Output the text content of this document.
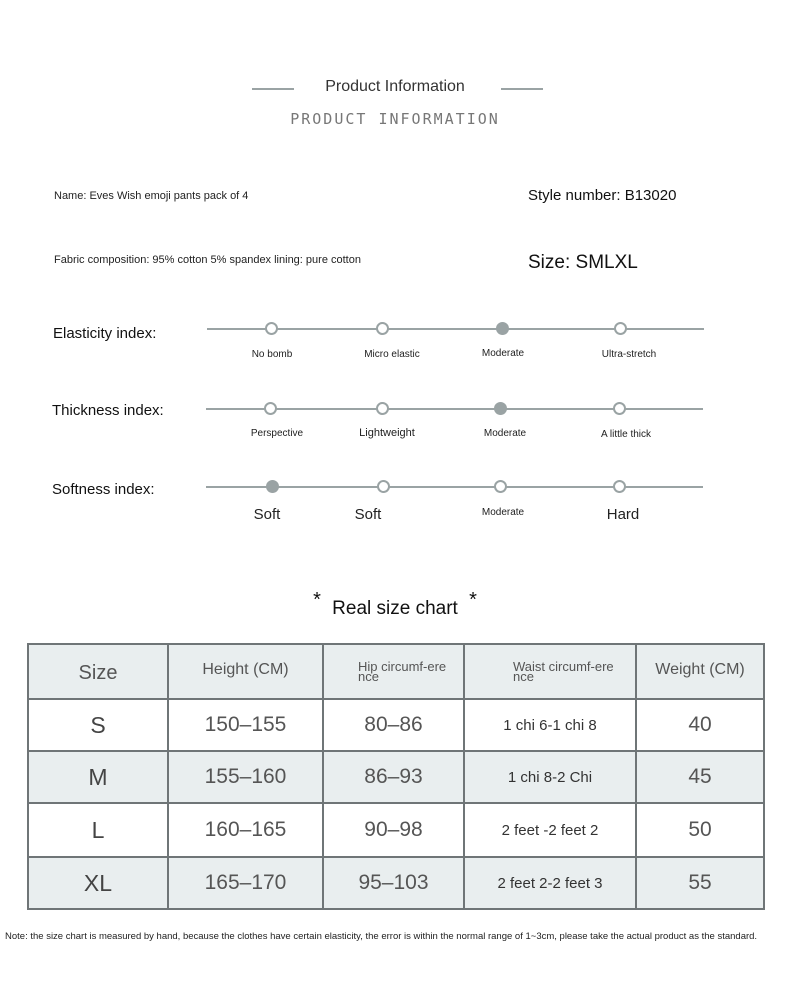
Product Information
PRODUCT INFORMATION
Name: Eves Wish emoji pants pack of 4	Style number: B13020
Fabric composition: 95% cotton 5% spandex lining: pure cotton	Size: SMLXL
Elasticity index:
No bomb	Micro elastic	Moderate	Ultra-stretch
Thickness index:
Perspective	Lightweight	Moderate	A little thick
Softness index:
Soft	Soft	Moderate	Hard
* Real size chart *
Size	Height (CM)	Hip circumf-erence	Waist circumf-erence	Weight (CM)
S	150–155	80–86	1 chi 6-1 chi 8	40
M	155–160	86–93	1 chi 8-2 Chi	45
L	160–165	90–98	2 feet -2 feet 2	50
XL	165–170	95–103	2 feet 2-2 feet 3	55
Note: the size chart is measured by hand, because the clothes have certain elasticity, the error is within the normal range of 1~3cm, please take the actual product as the standard.
